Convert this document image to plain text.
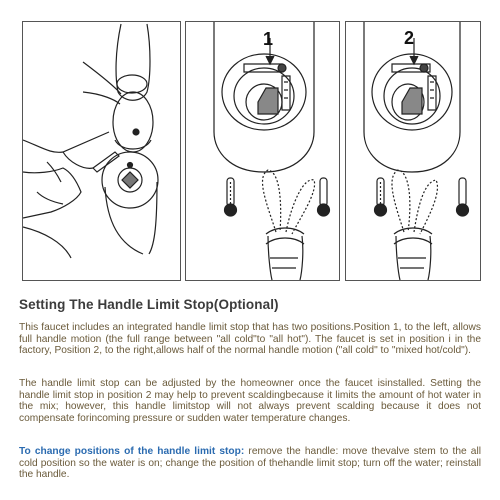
1	2
Setting The Handle Limit Stop(Optional)

This faucet includes an integrated handle limit stop that has two positions.Position 1, to the left, allows full handle motion (the full range between "all cold"to "all hot"). The faucet is set in position i in the factory, Position 2, to the right,allows half of the normal handle motion ("all cold" to "mixed hot/cold").

The handle limit stop can be adjusted by the homeowner once the faucet isinstalled. Setting the handle limit stop in position 2 may help to prevent scaldingbecause it limits the amount of hot water in the mix; however, this handle limitstop will not always prevent scalding because it does not compensate forincoming pressure or sudden water temperature changes.

To change positions of the handle limit stop: remove the handle: move thevalve stem to the all cold position so the water is on; change the position of thehandle limit stop; turn off the water; reinstall the handle.
